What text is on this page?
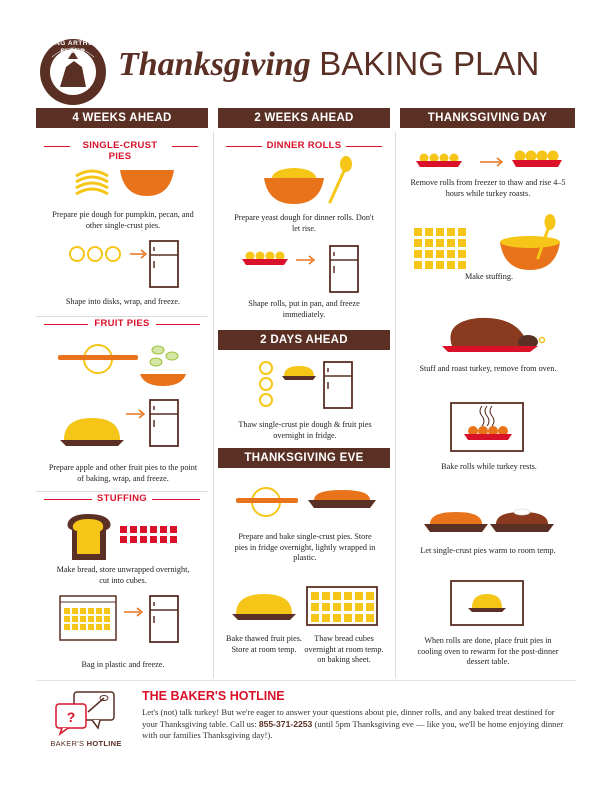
KING ARTHUR FLOUR Thanksgiving BAKING PLAN
4 WEEKS AHEAD	2 WEEKS AHEAD	THANKSGIVING DAY
SINGLE-CRUST PIES
Prepare pie dough for pumpkin, pecan, and other single-crust pies.
Shape into disks, wrap, and freeze.
FRUIT PIES
Prepare apple and other fruit pies to the point of baking, wrap, and freeze.
STUFFING
Make bread, store unwrapped overnight, cut into cubes.
Bag in plastic and freeze.
DINNER ROLLS
Prepare yeast dough for dinner rolls. Don't let rise.
Shape rolls, put in pan, and freeze immediately.
2 DAYS AHEAD
Thaw single-crust pie dough & fruit pies overnight in fridge.
THANKSGIVING EVE
Prepare and bake single-crust pies. Store pies in fridge overnight, lightly wrapped in plastic.
Bake thawed fruit pies. Store at room temp.
Thaw bread cubes overnight at room temp. on baking sheet.
Remove rolls from freezer to thaw and rise 4–5 hours while turkey roasts.
Make stuffing.
Stuff and roast turkey, remove from oven.
Bake rolls while turkey rests.
Let single-crust pies warm to room temp.
When rolls are done, place fruit pies in cooling oven to rewarm for the post-dinner dessert table.
?
BAKER'S HOTLINE
THE BAKER'S HOTLINE
Let's (not) talk turkey! But we're eager to answer your questions about pie, dinner rolls, and any baked treat destined for your Thanksgiving table. Call us: 855-371-2253 (until 5pm Thanksgiving eve — like you, we'll be home enjoying dinner with our families Thanksgiving day!).
